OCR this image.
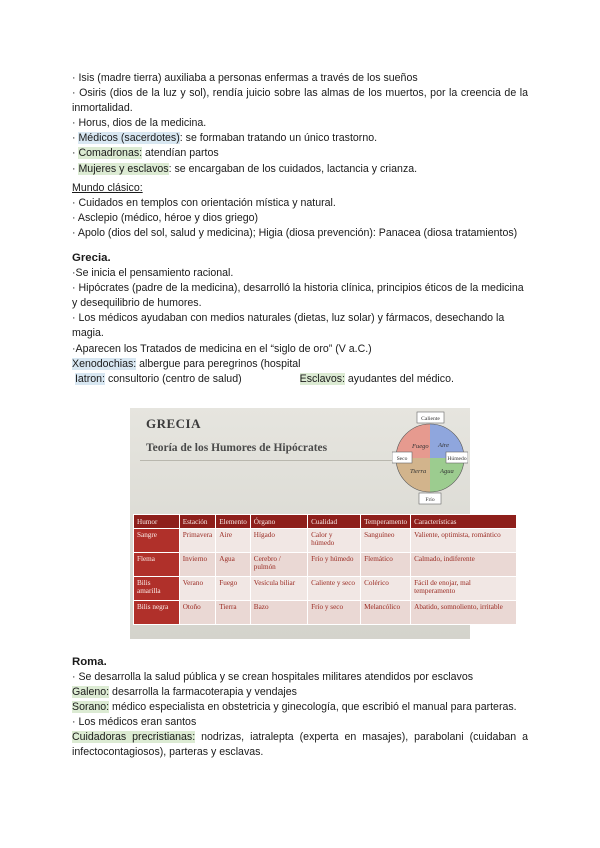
· Isis (madre tierra) auxiliaba a personas enfermas a través de los sueños

· Osiris (dios de la luz y sol), rendía juicio sobre las almas de los muertos, por la creencia de la inmortalidad.

· Horus, dios de la medicina.

· Médicos (sacerdotes): se formaban tratando un único trastorno.

· Comadronas: atendían partos

· Mujeres y esclavos: se encargaban de los cuidados, lactancia y crianza.

Mundo clásico:

· Cuidados en templos con orientación mística y natural.

· Asclepio (médico, héroe y dios griego)

· Apolo (dios del sol, salud y medicina); Higia (diosa prevención): Panacea (diosa tratamientos)

Grecia.

·Se inicia el pensamiento racional.

· Hipócrates (padre de la medicina), desarrolló la historia clínica, principios éticos de la medicina y desequilibrio de humores.

· Los médicos ayudaban con medios naturales (dietas, luz solar) y fármacos, desechando la magia.

·Aparecen los Tratados de medicina en el “siglo de oro” (V a.C.)

Xenodochias: albergue para peregrinos (hospital

Iatron: consultorio (centro de salud)	Esclavos: ayudantes del médico.

GRECIA
Teoría de los Humores de Hipócrates	Fuego Aire
Tierra Agua
Caliente
Húmedo
Frío
Seco
Humor	Estación	Elemento	Órgano	Cualidad	Temperamento	Características
Sangre	Primavera	Aire	Hígado	Calor y húmedo	Sanguíneo	Valiente, optimista, romántico
Flema	Invierno	Agua	Cerebro / pulmón	Frío y húmedo	Flemático	Calmado, indiferente
Bilis amarilla	Verano	Fuego	Vesícula biliar	Caliente y seco	Colérico	Fácil de enojar, mal temperamento
Bilis negra	Otoño	Tierra	Bazo	Frío y seco	Melancólico	Abatido, somnoliento, irritable

Roma.

· Se desarrolla la salud pública y se crean hospitales militares atendidos por esclavos

Galeno: desarrolla la farmacoterapia y vendajes

Sorano: médico especialista en obstetricia y ginecología, que escribió el manual para parteras.

· Los médicos eran santos

Cuidadoras precristianas: nodrizas, iatralepta (experta en masajes), parabolani (cuidaban a infectocontagiosos), parteras y esclavas.
